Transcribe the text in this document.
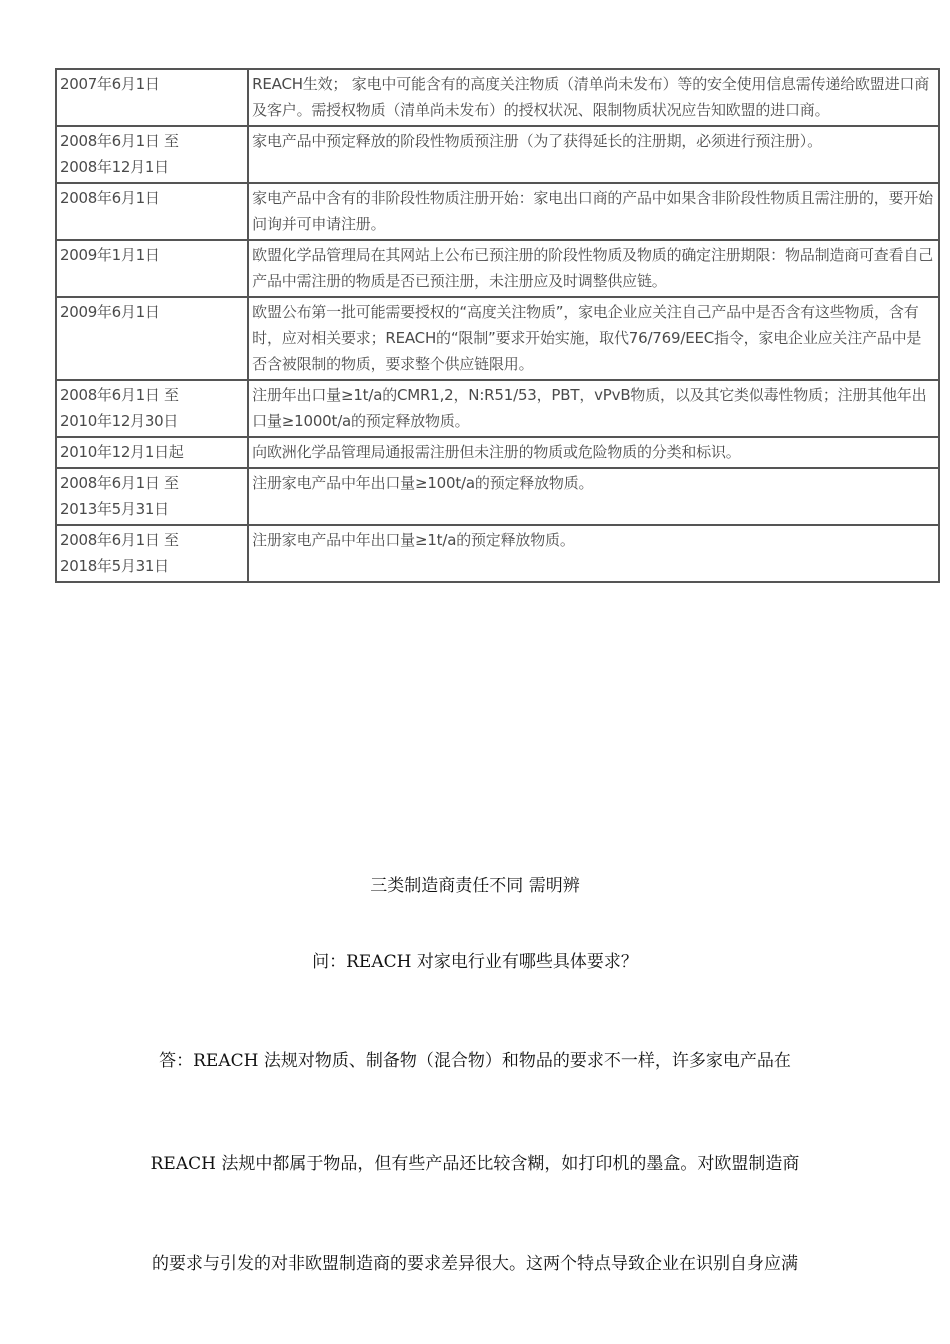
2007年6月1日	REACH生效； 家电中可能含有的高度关注物质（清单尚未发布）等的安全使用信息需传递给欧盟进口商及客户。需授权物质（清单尚未发布）的授权状况、限制物质状况应告知欧盟的进口商。
2008年6月1日 至
2008年12月1日	家电产品中预定释放的阶段性物质预注册（为了获得延长的注册期，必须进行预注册）。
2008年6月1日	家电产品中含有的非阶段性物质注册开始：家电出口商的产品中如果含非阶段性物质且需注册的，要开始问询并可申请注册。
2009年1月1日	欧盟化学品管理局在其网站上公布已预注册的阶段性物质及物质的确定注册期限：物品制造商可查看自己产品中需注册的物质是否已预注册，未注册应及时调整供应链。
2009年6月1日	欧盟公布第一批可能需要授权的“高度关注物质”，家电企业应关注自己产品中是否含有这些物质，含有时，应对相关要求；REACH的“限制”要求开始实施，取代76/769/EEC指令，家电企业应关注产品中是否含被限制的物质，要求整个供应链限用。
2008年6月1日 至
2010年12月30日	注册年出口量≥1t/a的CMR1,2，N:R51/53，PBT，vPvB物质，以及其它类似毒性物质；注册其他年出口量≥1000t/a的预定释放物质。
2010年12月1日起	向欧洲化学品管理局通报需注册但未注册的物质或危险物质的分类和标识。
2008年6月1日 至
2013年5月31日	注册家电产品中年出口量≥100t/a的预定释放物质。
2008年6月1日 至
2018年5月31日	注册家电产品中年出口量≥1t/a的预定释放物质。
三类制造商责任不同 需明辨
问：REACH 对家电行业有哪些具体要求？
答：REACH 法规对物质、制备物（混合物）和物品的要求不一样，许多家电产品在
REACH 法规中都属于物品，但有些产品还比较含糊，如打印机的墨盒。对欧盟制造商
的要求与引发的对非欧盟制造商的要求差异很大。这两个特点导致企业在识别自身应满
